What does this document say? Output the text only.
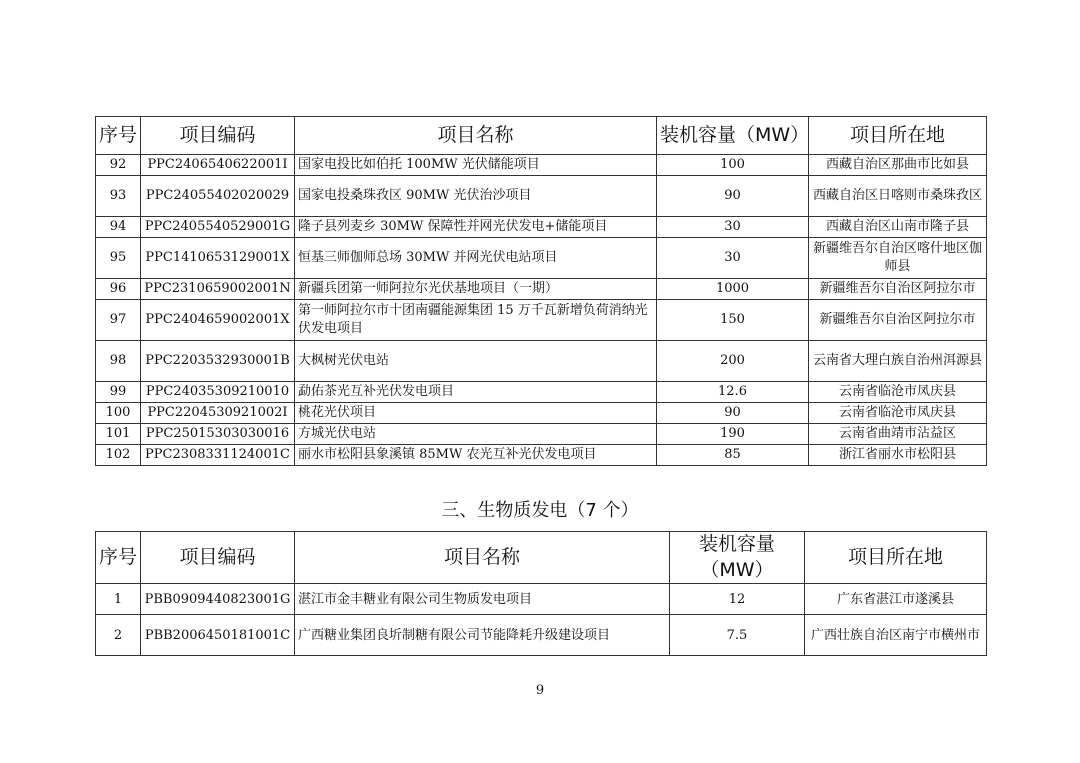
序号	项目编码	项目名称	装机容量（MW）	项目所在地
92	PPC2406540622001I	国家电投比如伯托 100MW 光伏储能项目	100	西藏自治区那曲市比如县
93	PPC24055402020029	国家电投桑珠孜区 90MW 光伏治沙项目	90	西藏自治区日喀则市桑珠孜区
94	PPC2405540529001G	隆子县列麦乡 30MW 保障性并网光伏发电+储能项目	30	西藏自治区山南市隆子县
95	PPC1410653129001X	恒基三师伽师总场 30MW 并网光伏电站项目	30	新疆维吾尔自治区喀什地区伽师县
96	PPC2310659002001N	新疆兵团第一师阿拉尔光伏基地项目（一期）	1000	新疆维吾尔自治区阿拉尔市
97	PPC2404659002001X	第一师阿拉尔市十团南疆能源集团 15 万千瓦新增负荷消纳光伏发电项目	150	新疆维吾尔自治区阿拉尔市
98	PPC2203532930001B	大枫树光伏电站	200	云南省大理白族自治州洱源县
99	PPC24035309210010	勐佑茶光互补光伏发电项目	12.6	云南省临沧市凤庆县
100	PPC2204530921002I	桃花光伏项目	90	云南省临沧市凤庆县
101	PPC25015303030016	方城光伏电站	190	云南省曲靖市沾益区
102	PPC2308331124001C	丽水市松阳县象溪镇 85MW 农光互补光伏发电项目	85	浙江省丽水市松阳县
三、生物质发电（7 个）
序号	项目编码	项目名称	装机容量（MW）	项目所在地
1	PBB0909440823001G	湛江市金丰糖业有限公司生物质发电项目	12	广东省湛江市遂溪县
2	PBB2006450181001C	广西糖业集团良圻制糖有限公司节能降耗升级建设项目	7.5	广西壮族自治区南宁市横州市
9
